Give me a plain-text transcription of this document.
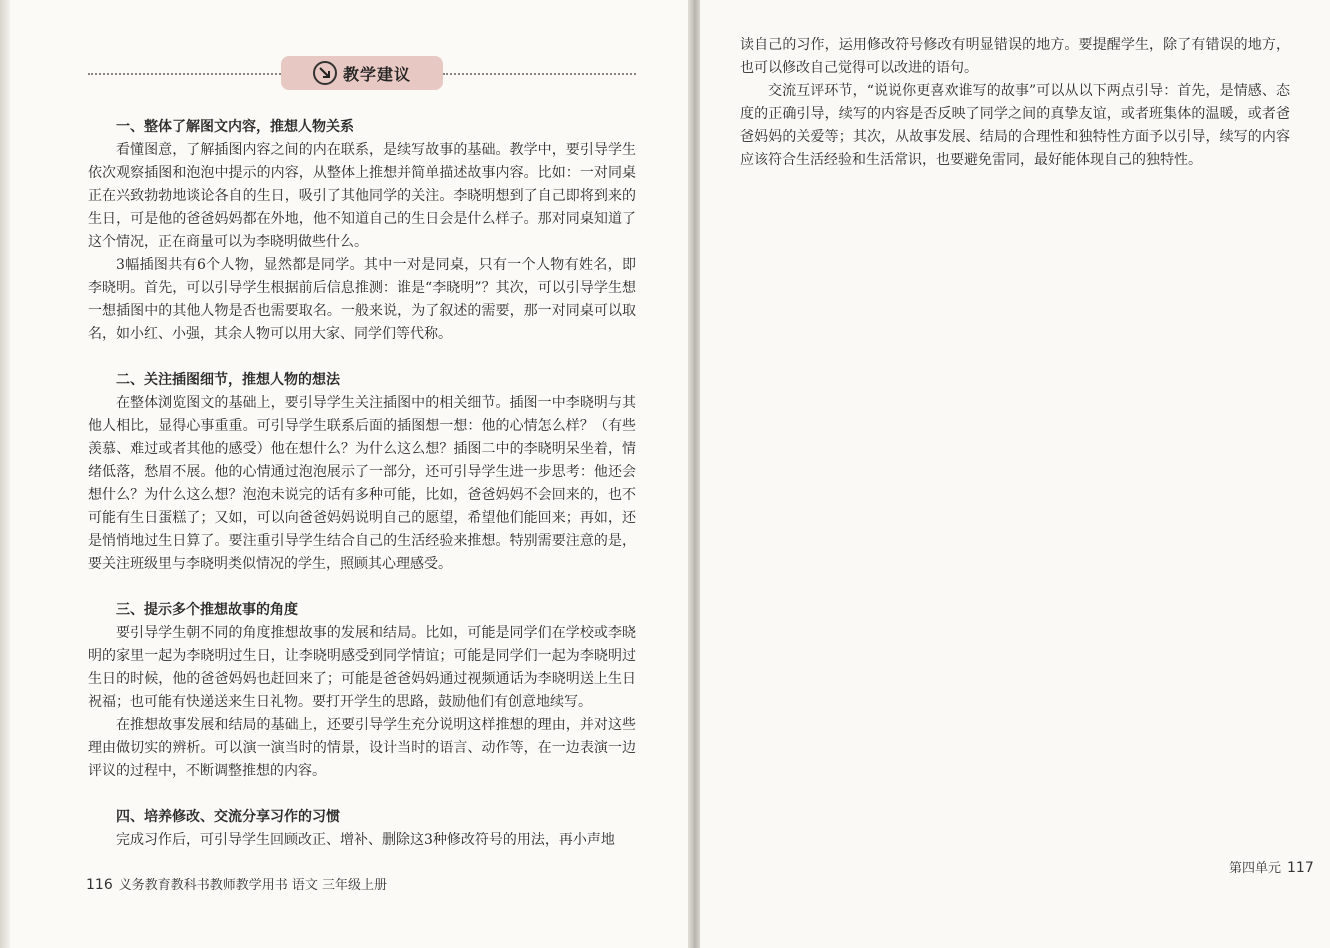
教学建议
一、整体了解图文内容，推想人物关系

看懂图意，了解插图内容之间的内在联系，是续写故事的基础。教学中，要引导学生依次观察插图和泡泡中提示的内容，从整体上推想并简单描述故事内容。比如：一对同桌正在兴致勃勃地谈论各自的生日，吸引了其他同学的关注。李晓明想到了自己即将到来的生日，可是他的爸爸妈妈都在外地，他不知道自己的生日会是什么样子。那对同桌知道了这个情况，正在商量可以为李晓明做些什么。

3幅插图共有6个人物，显然都是同学。其中一对是同桌，只有一个人物有姓名，即李晓明。首先，可以引导学生根据前后信息推测：谁是“李晓明”？其次，可以引导学生想一想插图中的其他人物是否也需要取名。一般来说，为了叙述的需要，那一对同桌可以取名，如小红、小强，其余人物可以用大家、同学们等代称。

二、关注插图细节，推想人物的想法

在整体浏览图文的基础上，要引导学生关注插图中的相关细节。插图一中李晓明与其他人相比，显得心事重重。可引导学生联系后面的插图想一想：他的心情怎么样？（有些羡慕、难过或者其他的感受）他在想什么？为什么这么想？插图二中的李晓明呆坐着，情绪低落，愁眉不展。他的心情通过泡泡展示了一部分，还可引导学生进一步思考：他还会想什么？为什么这么想？泡泡未说完的话有多种可能，比如，爸爸妈妈不会回来的，也不可能有生日蛋糕了；又如，可以向爸爸妈妈说明自己的愿望，希望他们能回来；再如，还是悄悄地过生日算了。要注重引导学生结合自己的生活经验来推想。特别需要注意的是，要关注班级里与李晓明类似情况的学生，照顾其心理感受。

三、提示多个推想故事的角度

要引导学生朝不同的角度推想故事的发展和结局。比如，可能是同学们在学校或李晓明的家里一起为李晓明过生日，让李晓明感受到同学情谊；可能是同学们一起为李晓明过生日的时候，他的爸爸妈妈也赶回来了；可能是爸爸妈妈通过视频通话为李晓明送上生日祝福；也可能有快递送来生日礼物。要打开学生的思路，鼓励他们有创意地续写。

在推想故事发展和结局的基础上，还要引导学生充分说明这样推想的理由，并对这些理由做切实的辨析。可以演一演当时的情景，设计当时的语言、动作等，在一边表演一边评议的过程中，不断调整推想的内容。

四、培养修改、交流分享习作的习惯

完成习作后，可引导学生回顾改正、增补、删除这3种修改符号的用法，再小声地

116 义务教育教科书教师教学用书 语文 三年级上册

读自己的习作，运用修改符号修改有明显错误的地方。要提醒学生，除了有错误的地方，也可以修改自己觉得可以改进的语句。

交流互评环节，“说说你更喜欢谁写的故事”可以从以下两点引导：首先，是情感、态度的正确引导，续写的内容是否反映了同学之间的真挚友谊，或者班集体的温暖，或者爸爸妈妈的关爱等；其次，从故事发展、结局的合理性和独特性方面予以引导，续写的内容应该符合生活经验和生活常识，也要避免雷同，最好能体现自己的独特性。

第四单元 117
